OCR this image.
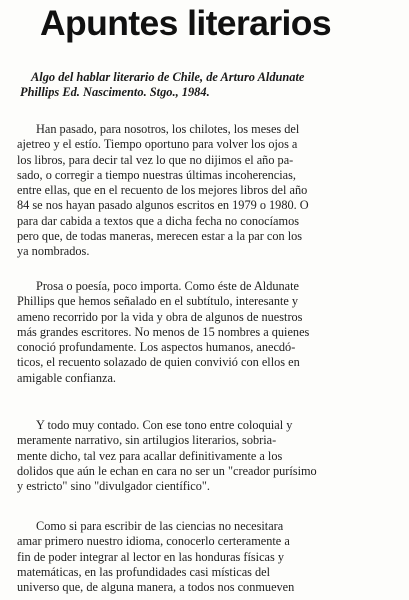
Apuntes literarios
Algo del hablar literario de Chile, de Arturo Aldunate
Phillips Ed. Nascimento. Stgo., 1984.
Han pasado, para nosotros, los chilotes, los meses del
ajetreo y el estío. Tiempo oportuno para volver los ojos a
los libros, para decir tal vez lo que no dijimos el año pa-
sado, o corregir a tiempo nuestras últimas incoherencias,
entre ellas, que en el recuento de los mejores libros del año
84 se nos hayan pasado algunos escritos en 1979 o 1980. O
para dar cabida a textos que a dicha fecha no conocíamos
pero que, de todas maneras, merecen estar a la par con los
ya nombrados.
Prosa o poesía, poco importa. Como éste de Aldunate
Phillips que hemos señalado en el subtítulo, interesante y
ameno recorrido por la vida y obra de algunos de nuestros
más grandes escritores. No menos de 15 nombres a quienes
conoció profundamente. Los aspectos humanos, anecdó-
ticos, el recuento solazado de quien convivió con ellos en
amigable confianza.
Y todo muy contado. Con ese tono entre coloquial y
meramente narrativo, sin artilugios literarios, sobria-
mente dicho, tal vez para acallar definitivamente a los
dolidos que aún le echan en cara no ser un "creador purísimo
y estricto" sino "divulgador científico".
Como si para escribir de las ciencias no necesitara
amar primero nuestro idioma, conocerlo certeramente a
fin de poder integrar al lector en las honduras físicas y
matemáticas, en las profundidades casi místicas del
universo que, de alguna manera, a todos nos conmueven
